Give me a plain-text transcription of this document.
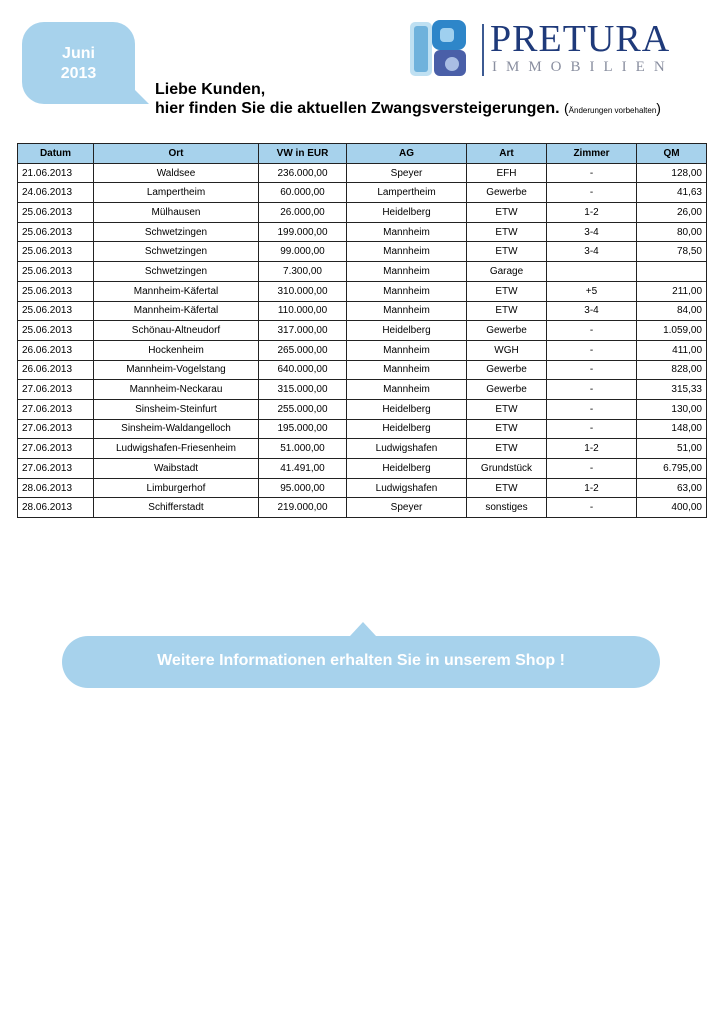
Juni
2013
PRETURA
IMMOBILIEN
Liebe Kunden,
hier finden Sie die aktuellen Zwangsversteigerungen. (Änderungen vorbehalten)
Datum	Ort	VW in EUR	AG	Art	Zimmer	QM
21.06.2013	Waldsee	236.000,00	Speyer	EFH	-	128,00
24.06.2013	Lampertheim	60.000,00	Lampertheim	Gewerbe	-	41,63
25.06.2013	Mülhausen	26.000,00	Heidelberg	ETW	1-2	26,00
25.06.2013	Schwetzingen	199.000,00	Mannheim	ETW	3-4	80,00
25.06.2013	Schwetzingen	99.000,00	Mannheim	ETW	3-4	78,50
25.06.2013	Schwetzingen	7.300,00	Mannheim	Garage		
25.06.2013	Mannheim-Käfertal	310.000,00	Mannheim	ETW	+5	211,00
25.06.2013	Mannheim-Käfertal	110.000,00	Mannheim	ETW	3-4	84,00
25.06.2013	Schönau-Altneudorf	317.000,00	Heidelberg	Gewerbe	-	1.059,00
26.06.2013	Hockenheim	265.000,00	Mannheim	WGH	-	411,00
26.06.2013	Mannheim-Vogelstang	640.000,00	Mannheim	Gewerbe	-	828,00
27.06.2013	Mannheim-Neckarau	315.000,00	Mannheim	Gewerbe	-	315,33
27.06.2013	Sinsheim-Steinfurt	255.000,00	Heidelberg	ETW	-	130,00
27.06.2013	Sinsheim-Waldangelloch	195.000,00	Heidelberg	ETW	-	148,00
27.06.2013	Ludwigshafen-Friesenheim	51.000,00	Ludwigshafen	ETW	1-2	51,00
27.06.2013	Waibstadt	41.491,00	Heidelberg	Grundstück	-	6.795,00
28.06.2013	Limburgerhof	95.000,00	Ludwigshafen	ETW	1-2	63,00
28.06.2013	Schifferstadt	219.000,00	Speyer	sonstiges	-	400,00
Weitere Informationen erhalten Sie in unserem Shop !
